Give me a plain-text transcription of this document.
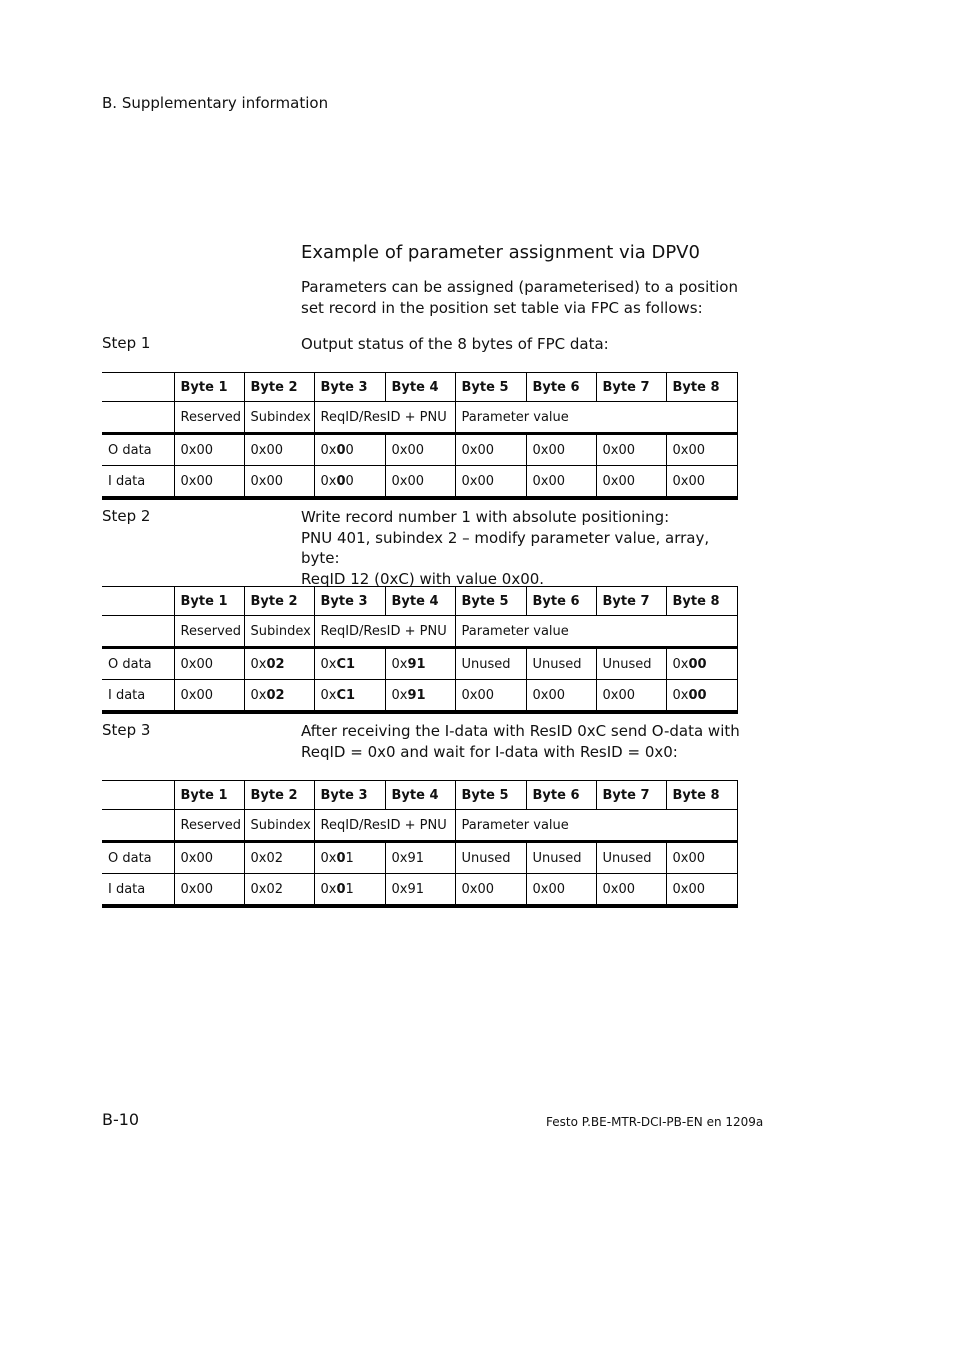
B. Supplementary information
Example of parameter assignment via DPV0
Parameters can be assigned (parameterised) to a position set record in the position set table via FPC as follows:
Step 1	Output status of the 8 bytes of FPC data:
	Byte 1	Byte 2	Byte 3	Byte 4	Byte 5	Byte 6	Byte 7	Byte 8
	Reserved	Subindex	ReqID/ResID + PNU		Parameter value			
O data	0x00	0x00	0x00	0x00	0x00	0x00	0x00	0x00
I data	0x00	0x00	0x00	0x00	0x00	0x00	0x00	0x00
Step 2	Write record number 1 with absolute positioning:
PNU 401, subindex 2 – modify parameter value, array, byte:
ReqID 12 (0xC) with value 0x00.
	Byte 1	Byte 2	Byte 3	Byte 4	Byte 5	Byte 6	Byte 7	Byte 8
	Reserved	Subindex	ReqID/ResID + PNU		Parameter value			
O data	0x00	0x02	0xC1	0x91	Unused	Unused	Unused	0x00
I data	0x00	0x02	0xC1	0x91	0x00	0x00	0x00	0x00
Step 3	After receiving the I-data with ResID 0xC send O-data with
ReqID = 0x0 and wait for I-data with ResID = 0x0:
	Byte 1	Byte 2	Byte 3	Byte 4	Byte 5	Byte 6	Byte 7	Byte 8
	Reserved	Subindex	ReqID/ResID + PNU		Parameter value			
O data	0x00	0x02	0x01	0x91	Unused	Unused	Unused	0x00
I data	0x00	0x02	0x01	0x91	0x00	0x00	0x00	0x00
B-10	Festo P.BE-MTR-DCI-PB-EN en 1209a
